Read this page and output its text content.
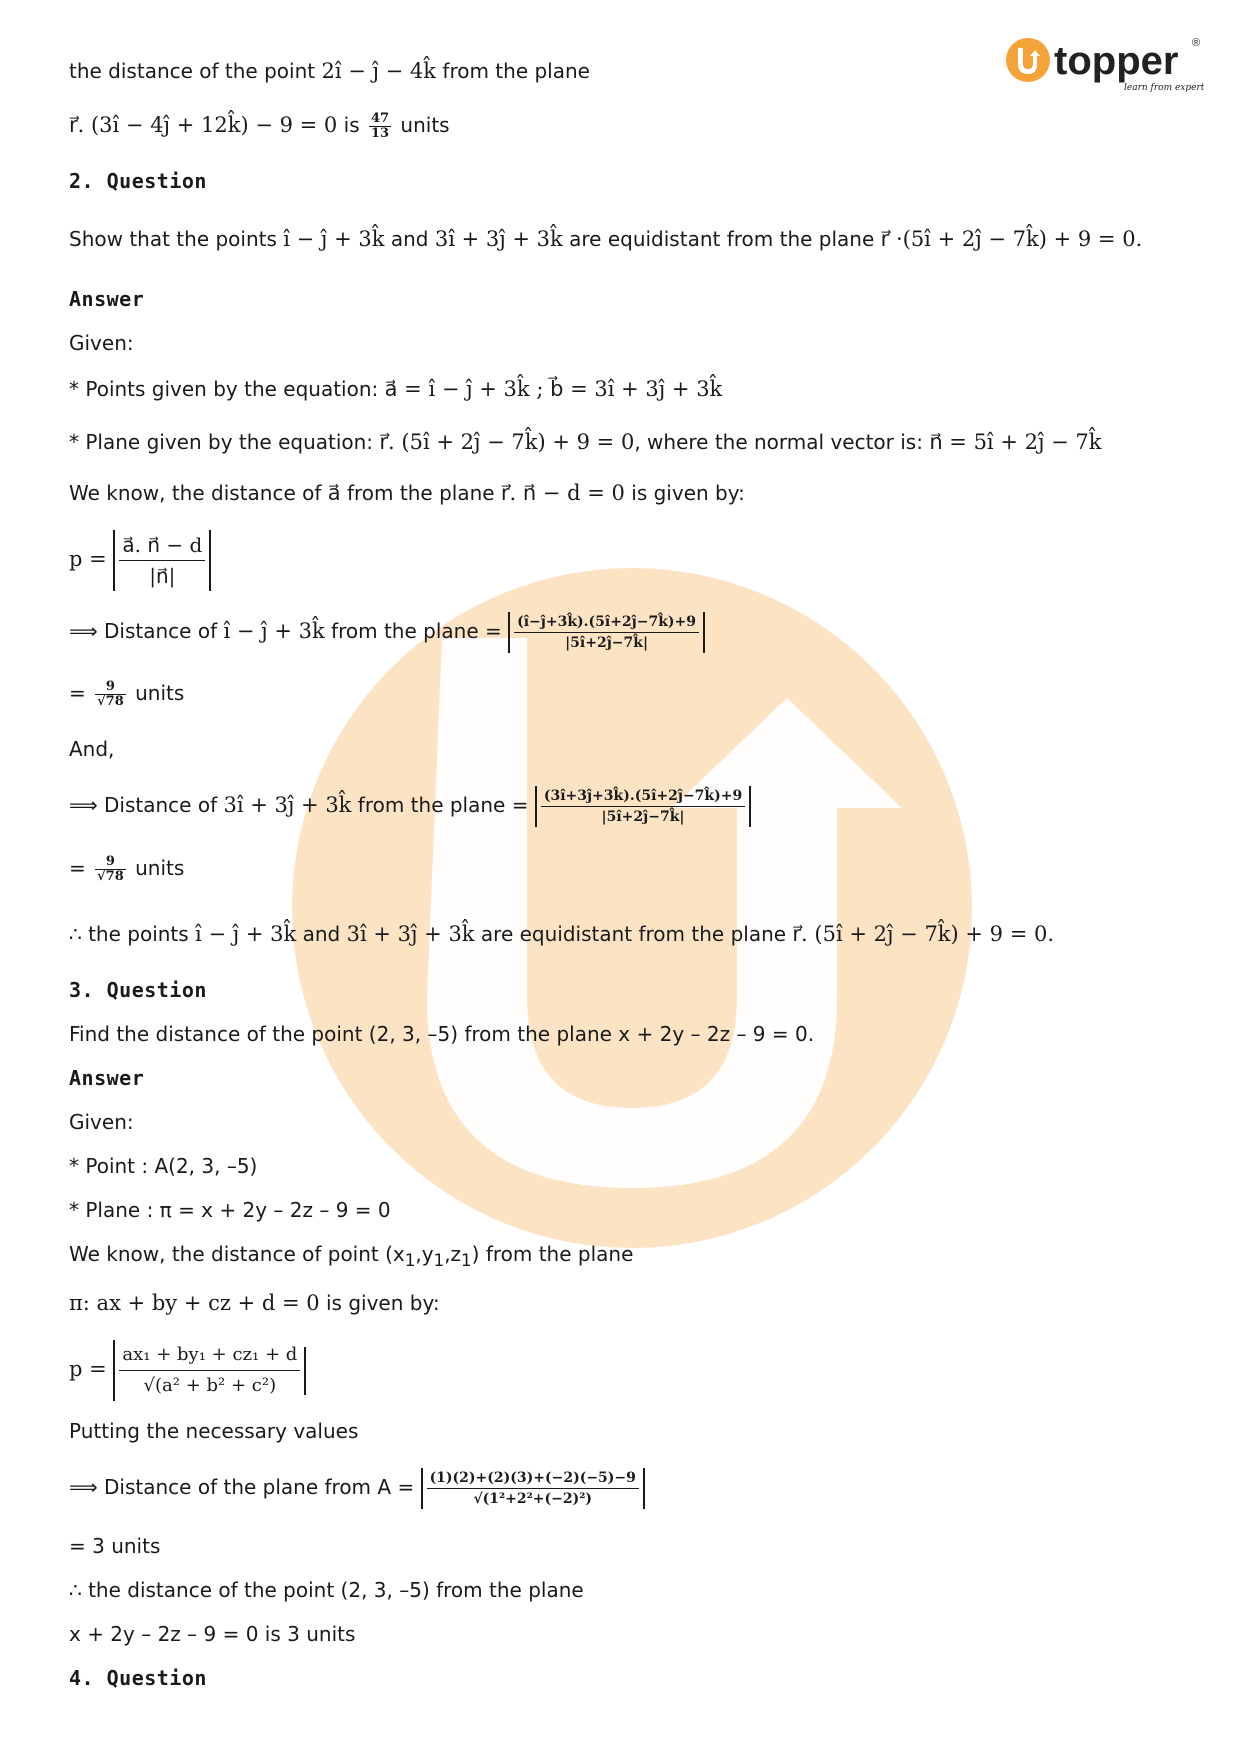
topper ®
learn from experts
the distance of the point 2î − ĵ − 4k̂ from the plane
r⃗. (3î − 4ĵ + 12k̂) − 9 = 0 is $\frac{47}{13}$ units
2. Question
Show that the points î − ĵ + 3k̂ and 3î + 3ĵ + 3k̂ are equidistant from the plane r⃗ ·(5î + 2ĵ − 7k̂) + 9 = 0.
Answer
Given:
* Points given by the equation: a⃗ = î − ĵ + 3k̂ ; b⃗ = 3î + 3ĵ + 3k̂
* Plane given by the equation: r⃗. (5î + 2ĵ − 7k̂) + 9 = 0, where the normal vector is: n⃗ = 5î + 2ĵ − 7k̂
We know, the distance of a⃗ from the plane r⃗. n⃗ − d = 0 is given by:
$p = \frac{a⃗. n⃗ - d}{|n⃗|}$
⟹ Distance of î − ĵ + 3k̂ from the plane = $\frac{(î-ĵ+3k̂).(5î+2ĵ-7k̂)+9}{|5î+2ĵ-7k̂|}$
= $\frac{9}{√78}$ units
And,
⟹ Distance of 3î + 3ĵ + 3k̂ from the plane = $\frac{(3î+3ĵ+3k̂).(5î+2ĵ-7k̂)+9}{|5î+2ĵ-7k̂|}$
= $\frac{9}{√78}$ units
∴ the points î − ĵ + 3k̂ and 3î + 3ĵ + 3k̂ are equidistant from the plane r⃗. (5î + 2ĵ − 7k̂) + 9 = 0.
3. Question
Find the distance of the point (2, 3, –5) from the plane x + 2y – 2z – 9 = 0.
Answer
Given:
* Point : A(2, 3, –5)
* Plane : π = x + 2y – 2z – 9 = 0
We know, the distance of point $(x_1,y_1,z_1)$ from the plane
π: ax + by + cz + d = 0 is given by:
$p = \frac{\text{ax₁ + by₁ + cz₁ + d}}{\text{√(a² + b² + c²)}}$
Putting the necessary values
⟹ Distance of the plane from $A = \frac{(1)(2)+(2)(3)+(-2)(-5)-9}{\text{√(1²+2²+(−2)²)}}$
= 3 units
∴ the distance of the point (2, 3, –5) from the plane
x + 2y – 2z – 9 = 0 is 3 units
4. Question
